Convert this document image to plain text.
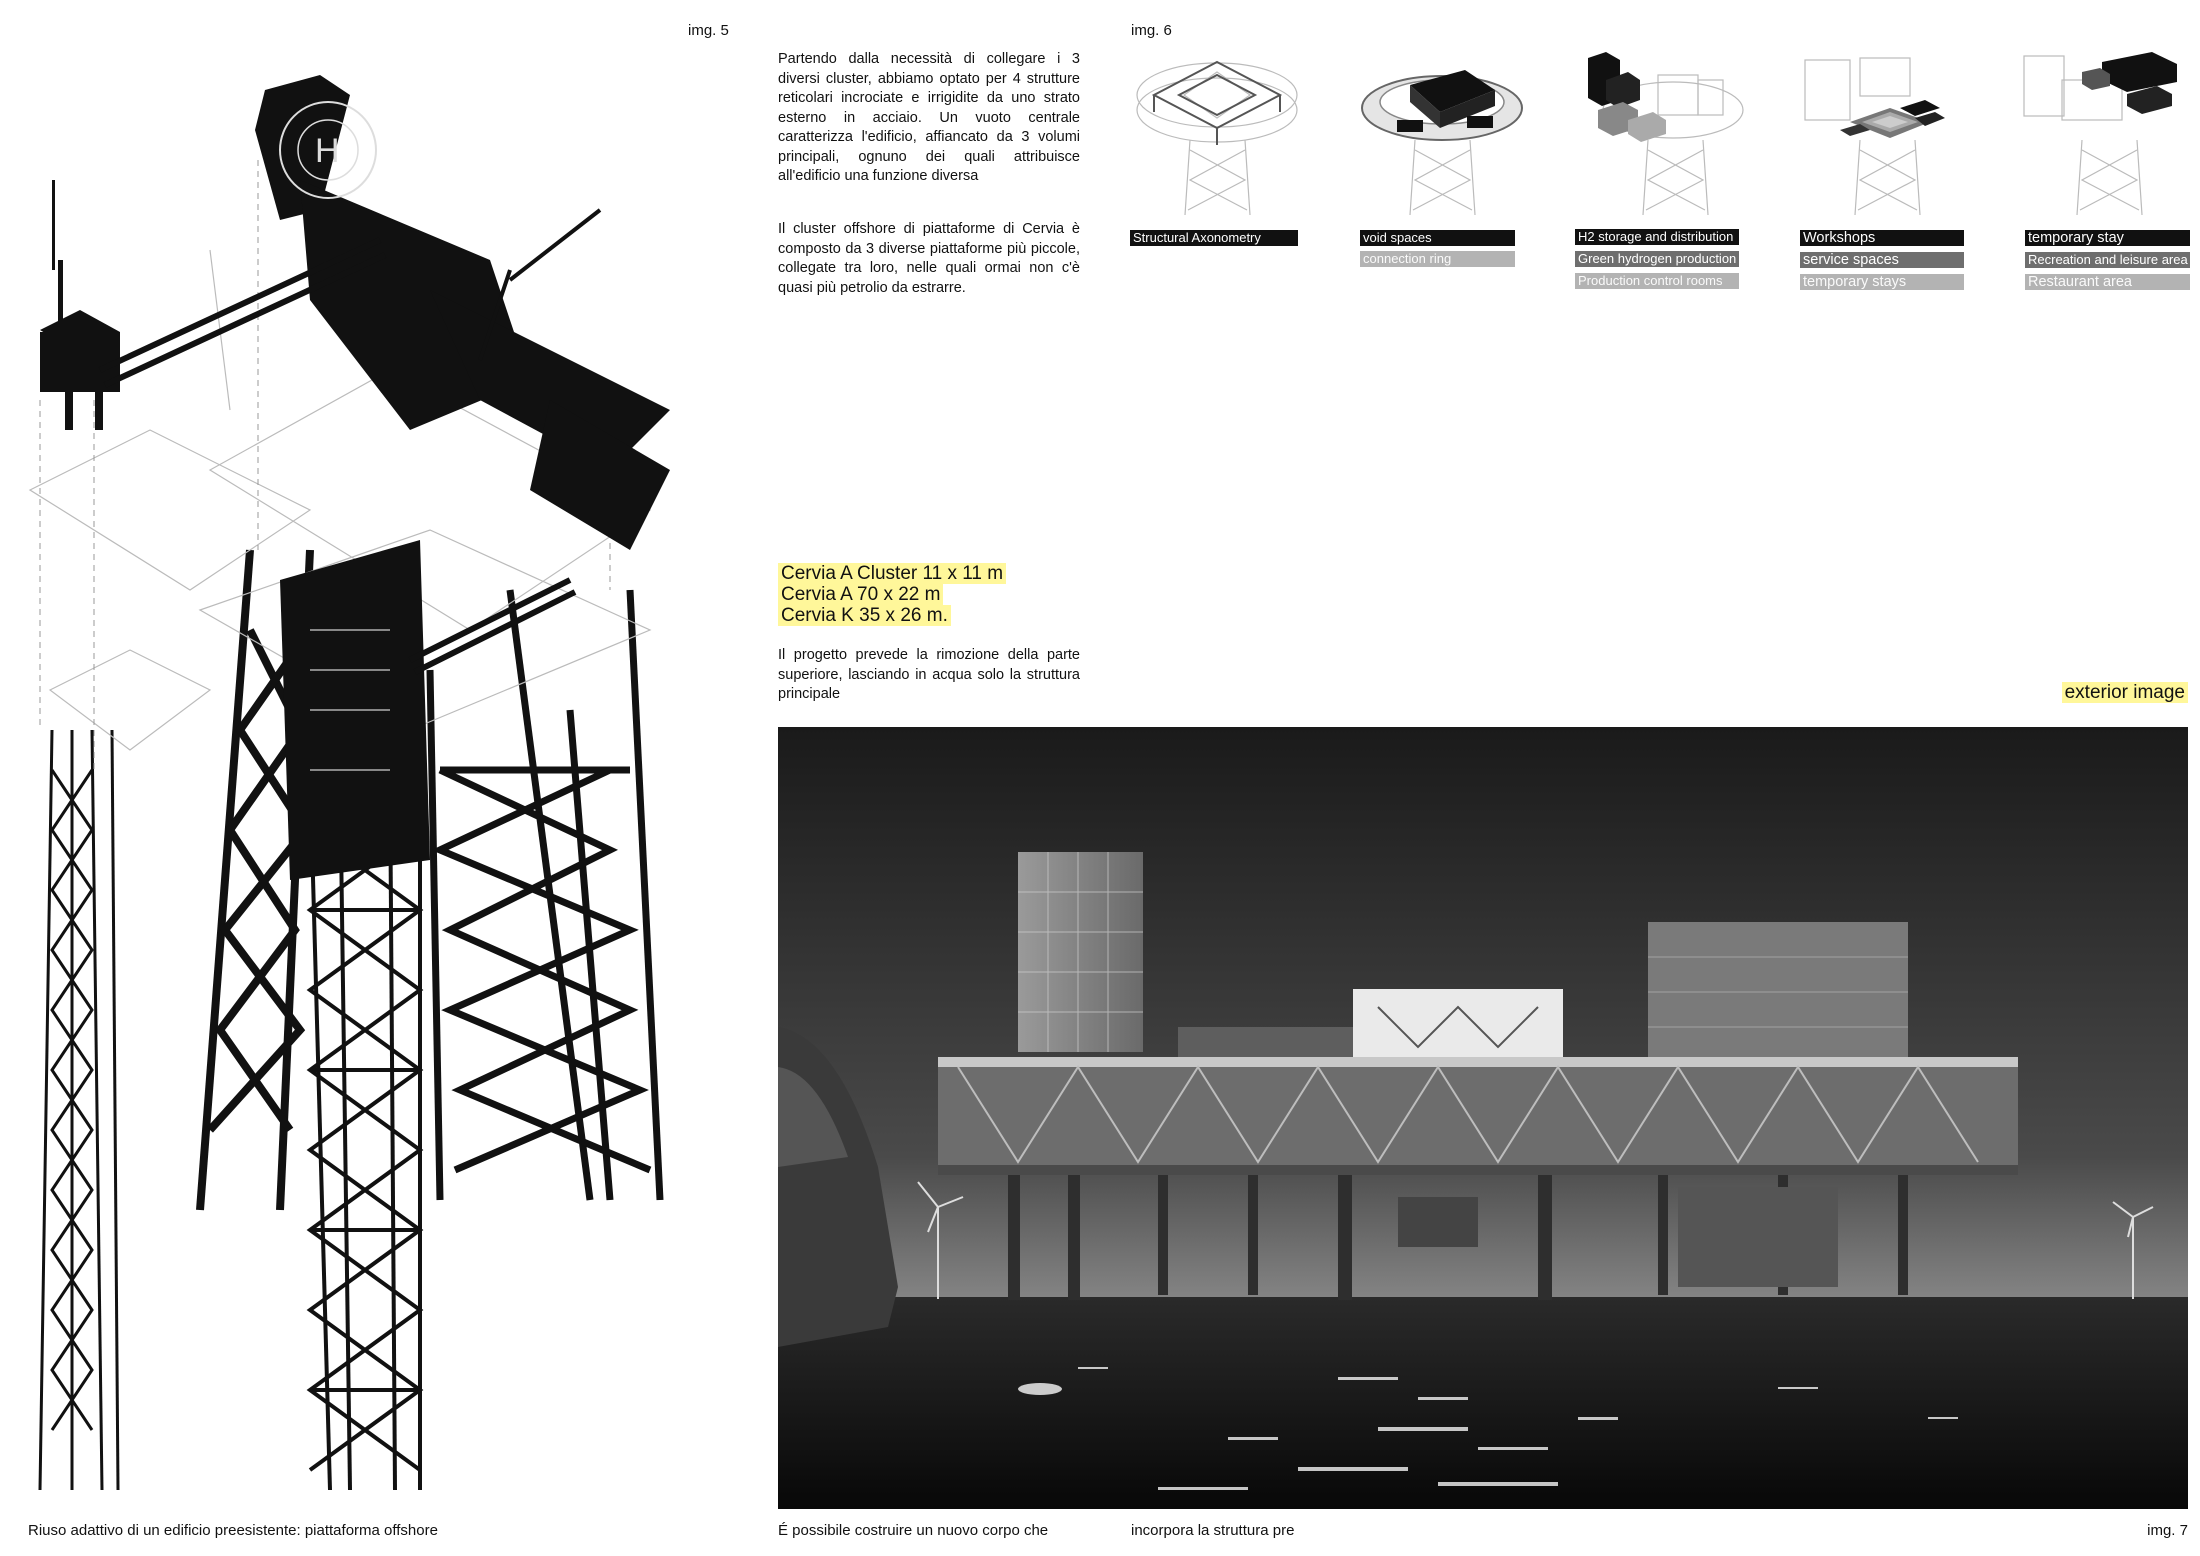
img. 5
H
Riuso adattivo di un edificio preesistente: piattaforma offshore
Partendo dalla necessità di collegare i 3 diversi cluster, abbiamo optato per 4 strutture reticolari incrociate e irrigidite da uno strato esterno in acciaio. Un vuoto centrale caratterizza l'edificio, affiancato da 3 volumi principali, ognuno dei quali attribuisce all'edificio una funzione diversa
Il cluster offshore di piattaforme di Cervia è composto da 3 diverse piattaforme più piccole, collegate tra loro, nelle quali ormai non c'è quasi più petrolio da estrarre.
Cervia A Cluster 11 x 11 m
Cervia A 70 x 22 m
Cervia K 35 x 26 m.
Il progetto prevede la rimozione della parte superiore, lasciando in acqua solo la struttura principale
img. 6
Structural Axonometry	void spaces
connection ring
H2 storage and distribution
Green hydrogen production
Production control rooms
Workshops
service spaces
temporary stays
temporary stay
Recreation and leisure area
Restaurant area
exterior image
É possibile costruire un nuovo corpo che	incorpora la struttura pre	img. 7
